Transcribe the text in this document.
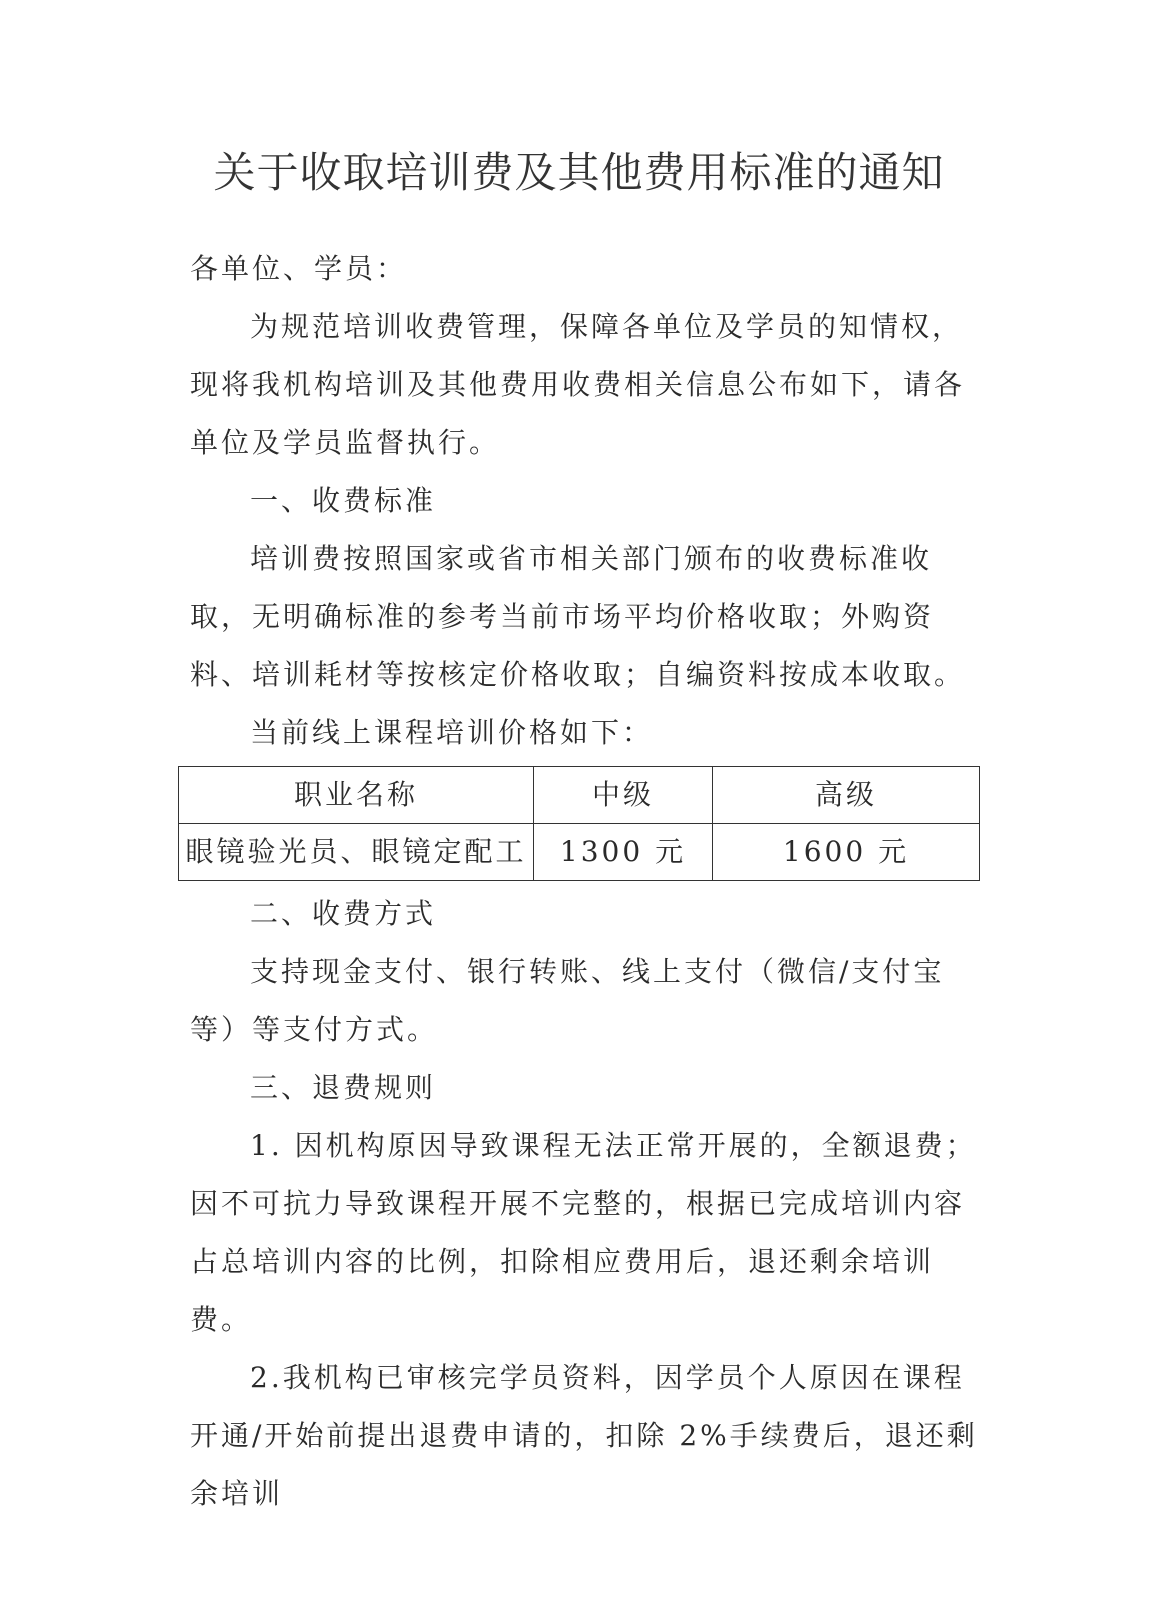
关于收取培训费及其他费用标准的通知

各单位、学员：

为规范培训收费管理，保障各单位及学员的知情权，现将我机构培训及其他费用收费相关信息公布如下，请各单位及学员监督执行。

一、收费标准

培训费按照国家或省市相关部门颁布的收费标准收取，无明确标准的参考当前市场平均价格收取；外购资料、培训耗材等按核定价格收取；自编资料按成本收取。

当前线上课程培训价格如下：

职业名称	中级	高级
眼镜验光员、眼镜定配工	1300 元	1600 元

二、收费方式

支持现金支付、银行转账、线上支付（微信/支付宝等）等支付方式。

三、退费规则

1. 因机构原因导致课程无法正常开展的，全额退费；因不可抗力导致课程开展不完整的，根据已完成培训内容占总培训内容的比例，扣除相应费用后，退还剩余培训费。

2.我机构已审核完学员资料，因学员个人原因在课程开通/开始前提出退费申请的，扣除 2%手续费后，退还剩余培训
